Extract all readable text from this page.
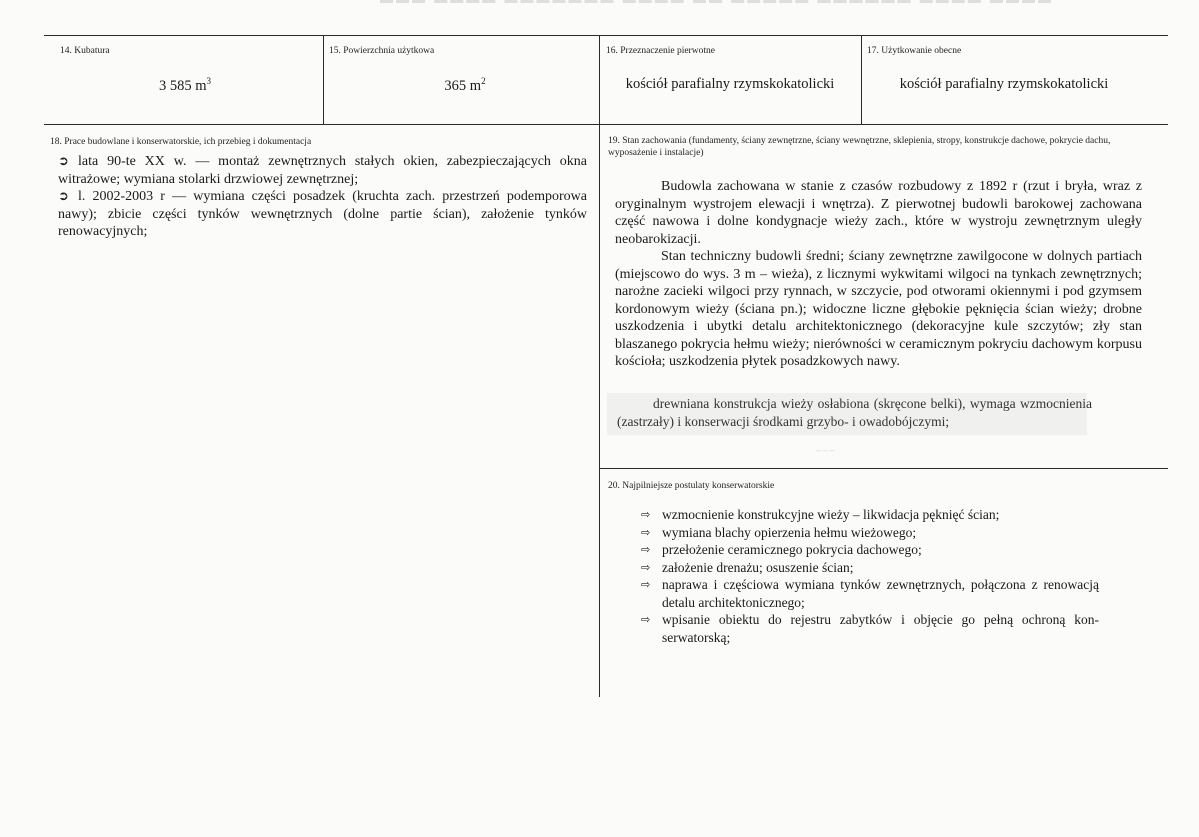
14. Kubatura
3 585 $m^3$
15. Powierzchnia użytkowa
365 $m^2$
16. Przeznaczenie pierwotne
kościół parafialny rzymskokatolicki
17. Użytkowanie obecne
kościół parafialny rzymskokatolicki
18. Prace budowlane i konserwatorskie, ich przebieg i dokumentacja

➲ lata 90-te XX w. — montaż zewnętrznych stałych okien, zabezpieczających okna witrażowe; wymiana stolarki drzwiowej zewnętrznej;

➲ l. 2002-2003 r — wymiana części posadzek (kruchta zach. przestrzeń podemporowa nawy); zbicie części tynków wewnętrznych (dolne partie ścian), założenie tynków renowacyjnych;

19. Stan zachowania (fundamenty, ściany zewnętrzne, ściany wewnętrzne, sklepienia, stropy, konstrukcje dachowe, pokrycie dachu, wyposażenie i instalacje)

Budowla zachowana w stanie z czasów rozbudowy z 1892 r (rzut i bryła, wraz z oryginalnym wystrojem elewacji i wnętrza). Z pierwotnej budowli barokowej zachowana część nawowa i dolne kondygnacje wieży zach., które w wystroju zewnętrznym uległy neobarokizacji.

Stan techniczny budowli średni; ściany zewnętrzne zawilgocone w dolnych partiach (miejscowo do wys. 3 m – wieża), z licznymi wykwitami wilgoci na tynkach zewnętrznych; narożne zacieki wilgoci przy rynnach, w szczycie, pod otworami okiennymi i pod gzymsem kordonowym wieży (ściana pn.); widoczne liczne głębokie pęknięcia ścian wieży; drobne uszkodzenia i ubytki detalu architektonicznego (dekoracyjne kule szczytów; zły stan blaszanego pokrycia hełmu wieży; nierówności w ceramicznym pokryciu dachowym korpusu kościoła; uszkodzenia płytek posadzkowych nawy.

drewniana konstrukcja wieży osłabiona (skręcone belki), wymaga wzmocnienia (zastrzały) i konserwacji środkami grzybo- i owadobójczymi;

⁻⁻⁻
20. Najpilniejsze postulaty konserwatorskie

⇨ wzmocnienie konstrukcyjne wieży – likwidacja pęknięć ścian;

⇨ wymiana blachy opierzenia hełmu wieżowego;

⇨ przełożenie ceramicznego pokrycia dachowego;

⇨ założenie drenażu; osuszenie ścian;

⇨ naprawa i częściowa wymiana tynków zewnętrznych, połączona z renowacją detalu architektonicznego;

⇨ wpisanie obiektu do rejestru zabytków i objęcie go pełną ochroną konserwatorską;
